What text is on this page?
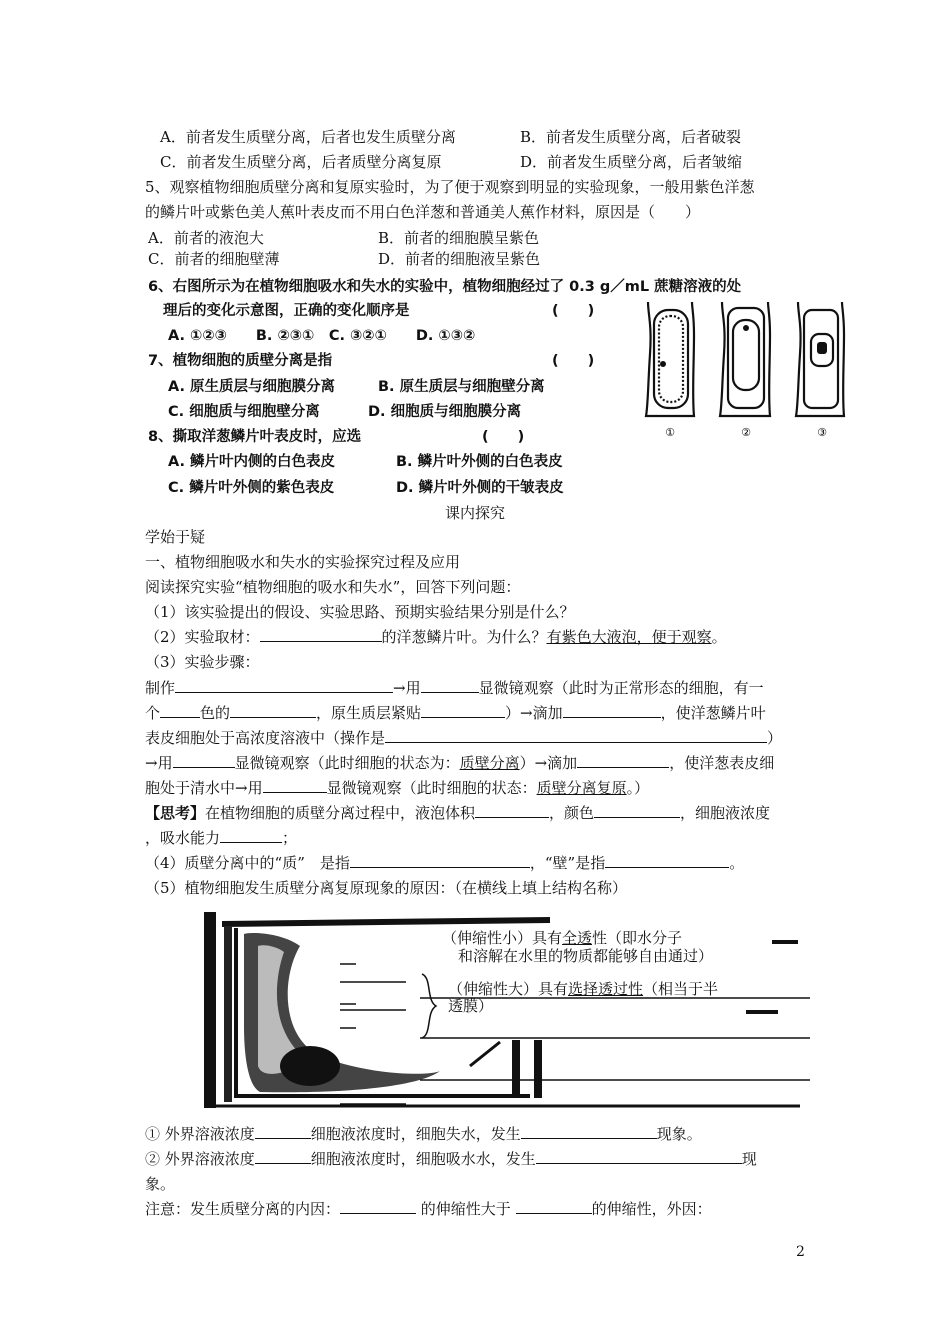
A．前者发生质壁分离，后者也发生质壁分离	B．前者发生质壁分离，后者破裂
C．前者发生质壁分离，后者质壁分离复原	D．前者发生质壁分离，后者皱缩
5、观察植物细胞质壁分离和复原实验时，为了便于观察到明显的实验现象，一般用紫色洋葱
的鳞片叶或紫色美人蕉叶表皮而不用白色洋葱和普通美人蕉作材料，原因是（　　）
A．前者的液泡大	B．前者的细胞膜呈紫色
C．前者的细胞壁薄	D．前者的细胞液呈紫色
6、右图所示为在植物细胞吸水和失水的实验中，植物细胞经过了 0.3 g／mL 蔗糖溶液的处
理后的变化示意图，正确的变化顺序是	(　　)
A. ①②③　　B. ②③①　C. ③②①　　D. ①③②
7、植物细胞的质壁分离是指	(　　)
A. 原生质层与细胞膜分离	B. 原生质层与细胞壁分离
C. 细胞质与细胞壁分离	D. 细胞质与细胞膜分离
8、撕取洋葱鳞片叶表皮时，应选	(　　)
A. 鳞片叶内侧的白色表皮	B. 鳞片叶外侧的白色表皮
C. 鳞片叶外侧的紫色表皮	D. 鳞片叶外侧的干皱表皮
①	②	③
课内探究
学始于疑
一、植物细胞吸水和失水的实验探究过程及应用
阅读探究实验“植物细胞的吸水和失水”，回答下列问题：
（1）该实验提出的假设、实验思路、预期实验结果分别是什么？
（2）实验取材：	的洋葱鳞片叶。为什么？有紫色大液泡，便于观察。
（3）实验步骤：
制作	→用	显微镜观察（此时为正常形态的细胞，有一
个	色的	，原生质层紧贴	）→滴加	，使洋葱鳞片叶
表皮细胞处于高浓度溶液中（操作是	）
→用	显微镜观察（此时细胞的状态为：质壁分离）→滴加	，使洋葱表皮细
胞处于清水中→用	显微镜观察（此时细胞的状态：质壁分离复原。）
【思考】在植物细胞的质壁分离过程中，液泡体积	，颜色	，细胞液浓度
，吸水能力	；
（4）质壁分离中的“质”　是指	，“壁”是指	。
（5）植物细胞发生质壁分离复原现象的原因：（在横线上填上结构名称）
（伸缩性小）具有全透性（即水分子
和溶解在水里的物质都能够自由通过）
（伸缩性大）具有选择透过性（相当于半
透膜）
① 外界溶液浓度	细胞液浓度时，细胞失水，发生	现象。
② 外界溶液浓度	细胞液浓度时，细胞吸水水，发生	现
象。
注意：发生质壁分离的内因：	的伸缩性大于	的伸缩性，外因：
2
